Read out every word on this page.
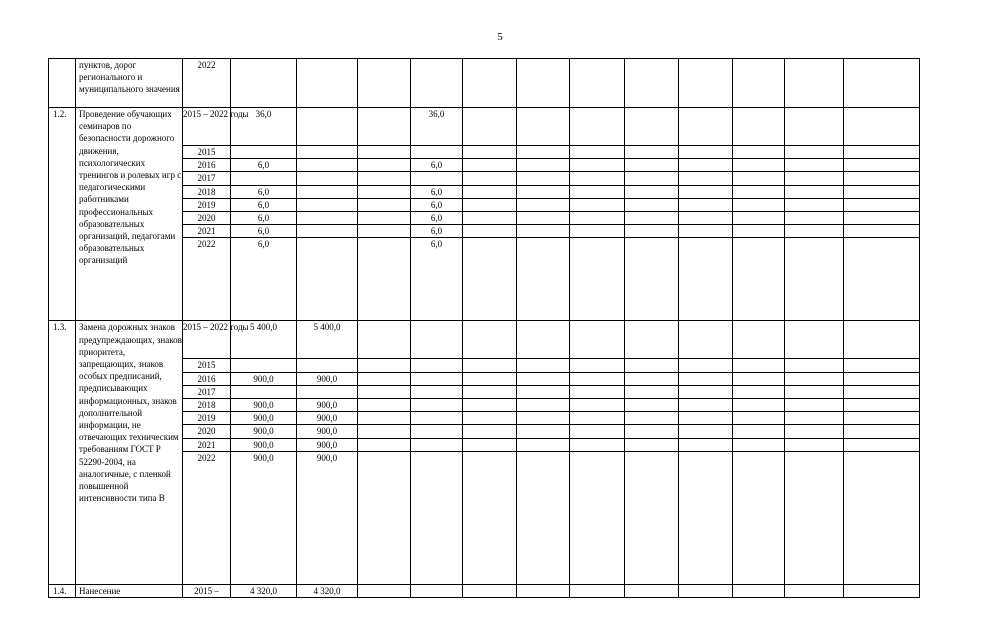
5
	пунктов, дорог регионального и муниципального значения	2022												
1.2.	Проведение обучающих семинаров по безопасности дорожного движения, психологических тренингов и ролевых игр с педагогическими работниками профессиональных образовательных организаций, педагогами образовательных организаций	2015 – 2022 годы	36,0			36,0								
		2015												
		2016	6,0			6,0								
		2017												
		2018	6,0			6,0								
		2019	6,0			6,0								
		2020	6,0			6,0								
		2021	6,0			6,0								
		2022	6,0			6,0								
1.3.	Замена дорожных знаков предупреждающих, знаков приоритета, запрещающих, знаков особых предписаний, предписывающих информационных, знаков дополнительной информации, не отвечающих техническим требованиям ГОСТ Р 52290-2004, на аналогичные, с пленкой повышенной интенсивности типа В	2015 – 2022 годы	5 400,0	5 400,0										
		2015												
		2016	900,0	900,0										
		2017												
		2018	900,0	900,0										
		2019	900,0	900,0										
		2020	900,0	900,0										
		2021	900,0	900,0										
		2022	900,0	900,0										
1.4.	Нанесение	2015 –	4 320,0	4 320,0										
